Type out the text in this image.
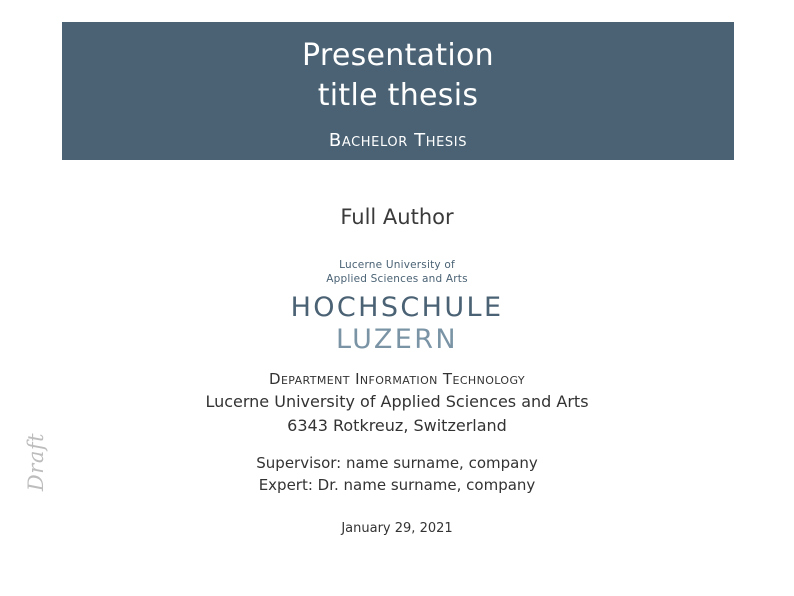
Draft
Presentation
title thesis
Bachelor Thesis
Full Author
Lucerne University of
Applied Sciences and Arts
HOCHSCHULE
LUZERN
Department Information Technology
Lucerne University of Applied Sciences and Arts
6343 Rotkreuz, Switzerland
Supervisor: name surname, company
Expert: Dr. name surname, company
January 29, 2021
